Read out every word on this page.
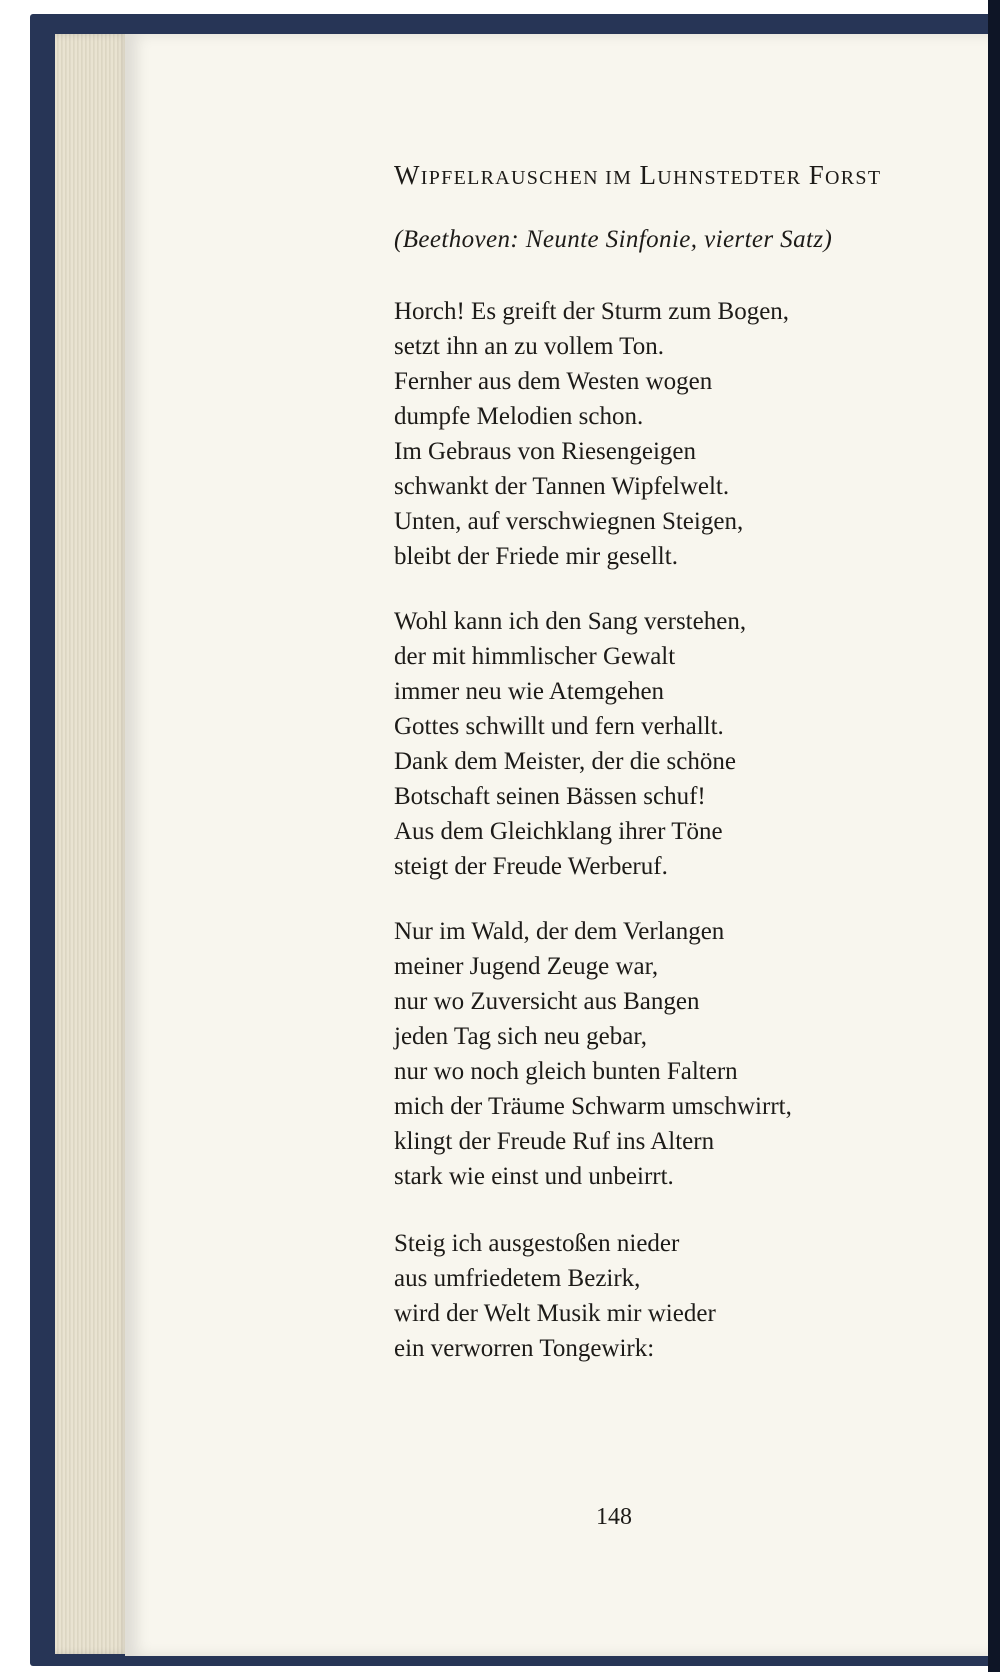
WIPFELRAUSCHEN IM LUHNSTEDTER FORST
(Beethoven: Neunte Sinfonie, vierter Satz)
Horch! Es greift der Sturm zum Bogen,
setzt ihn an zu vollem Ton.
Fernher aus dem Westen wogen
dumpfe Melodien schon.
Im Gebraus von Riesengeigen
schwankt der Tannen Wipfelwelt.
Unten, auf verschwiegnen Steigen,
bleibt der Friede mir gesellt.
Wohl kann ich den Sang verstehen,
der mit himmlischer Gewalt
immer neu wie Atemgehen
Gottes schwillt und fern verhallt.
Dank dem Meister, der die schöne
Botschaft seinen Bässen schuf!
Aus dem Gleichklang ihrer Töne
steigt der Freude Werberuf.
Nur im Wald, der dem Verlangen
meiner Jugend Zeuge war,
nur wo Zuversicht aus Bangen
jeden Tag sich neu gebar,
nur wo noch gleich bunten Faltern
mich der Träume Schwarm umschwirrt,
klingt der Freude Ruf ins Altern
stark wie einst und unbeirrt.
Steig ich ausgestoßen nieder
aus umfriedetem Bezirk,
wird der Welt Musik mir wieder
ein verworren Tongewirk:
148
